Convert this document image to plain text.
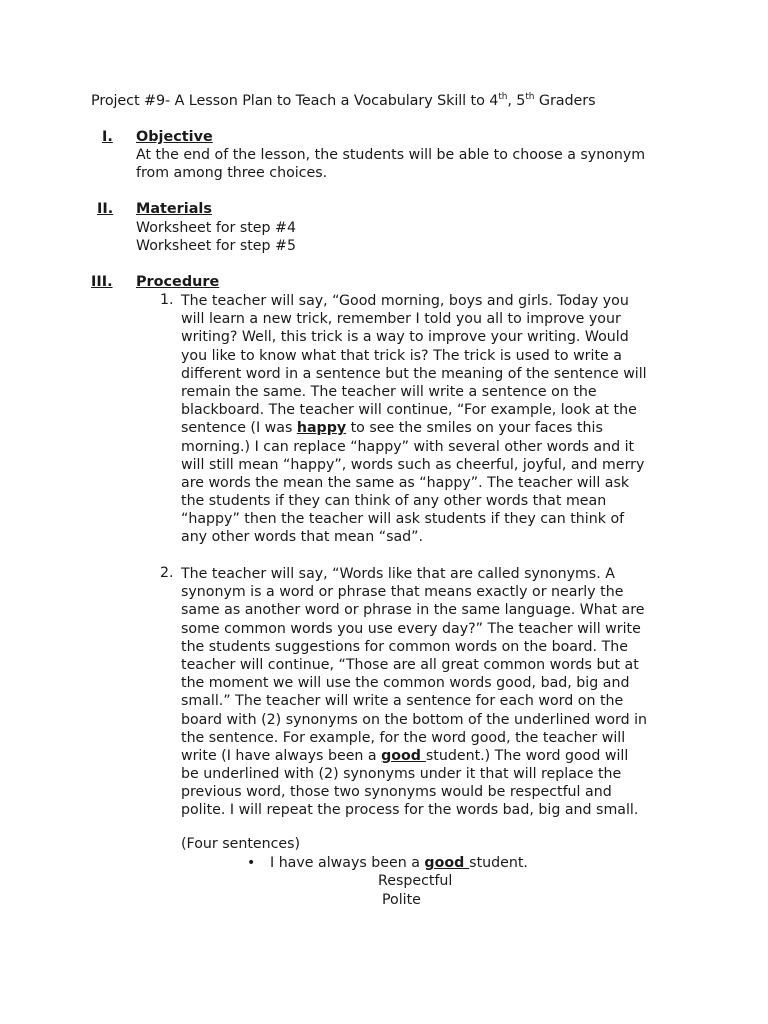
Project #9- A Lesson Plan to Teach a Vocabulary Skill to 4th, 5th Graders
I. Objective
At the end of the lesson, the students will be able to choose a synonym
from among three choices.
II. Materials
Worksheet for step #4
Worksheet for step #5
III. Procedure
1. The teacher will say, “Good morning, boys and girls. Today you
will learn a new trick, remember I told you all to improve your
writing? Well, this trick is a way to improve your writing. Would
you like to know what that trick is? The trick is used to write a
different word in a sentence but the meaning of the sentence will
remain the same. The teacher will write a sentence on the
blackboard. The teacher will continue, “For example, look at the
sentence (I was happy to see the smiles on your faces this
morning.) I can replace “happy” with several other words and it
will still mean “happy”, words such as cheerful, joyful, and merry
are words the mean the same as “happy”. The teacher will ask
the students if they can think of any other words that mean
“happy” then the teacher will ask students if they can think of
any other words that mean “sad”.
2. The teacher will say, “Words like that are called synonyms. A
synonym is a word or phrase that means exactly or nearly the
same as another word or phrase in the same language. What are
some common words you use every day?” The teacher will write
the students suggestions for common words on the board. The
teacher will continue, “Those are all great common words but at
the moment we will use the common words good, bad, big and
small.” The teacher will write a sentence for each word on the
board with (2) synonyms on the bottom of the underlined word in
the sentence. For example, for the word good, the teacher will
write (I have always been a good student.) The word good will
be underlined with (2) synonyms under it that will replace the
previous word, those two synonyms would be respectful and
polite. I will repeat the process for the words bad, big and small.
(Four sentences)
• I have always been a good student.
Respectful
Polite
